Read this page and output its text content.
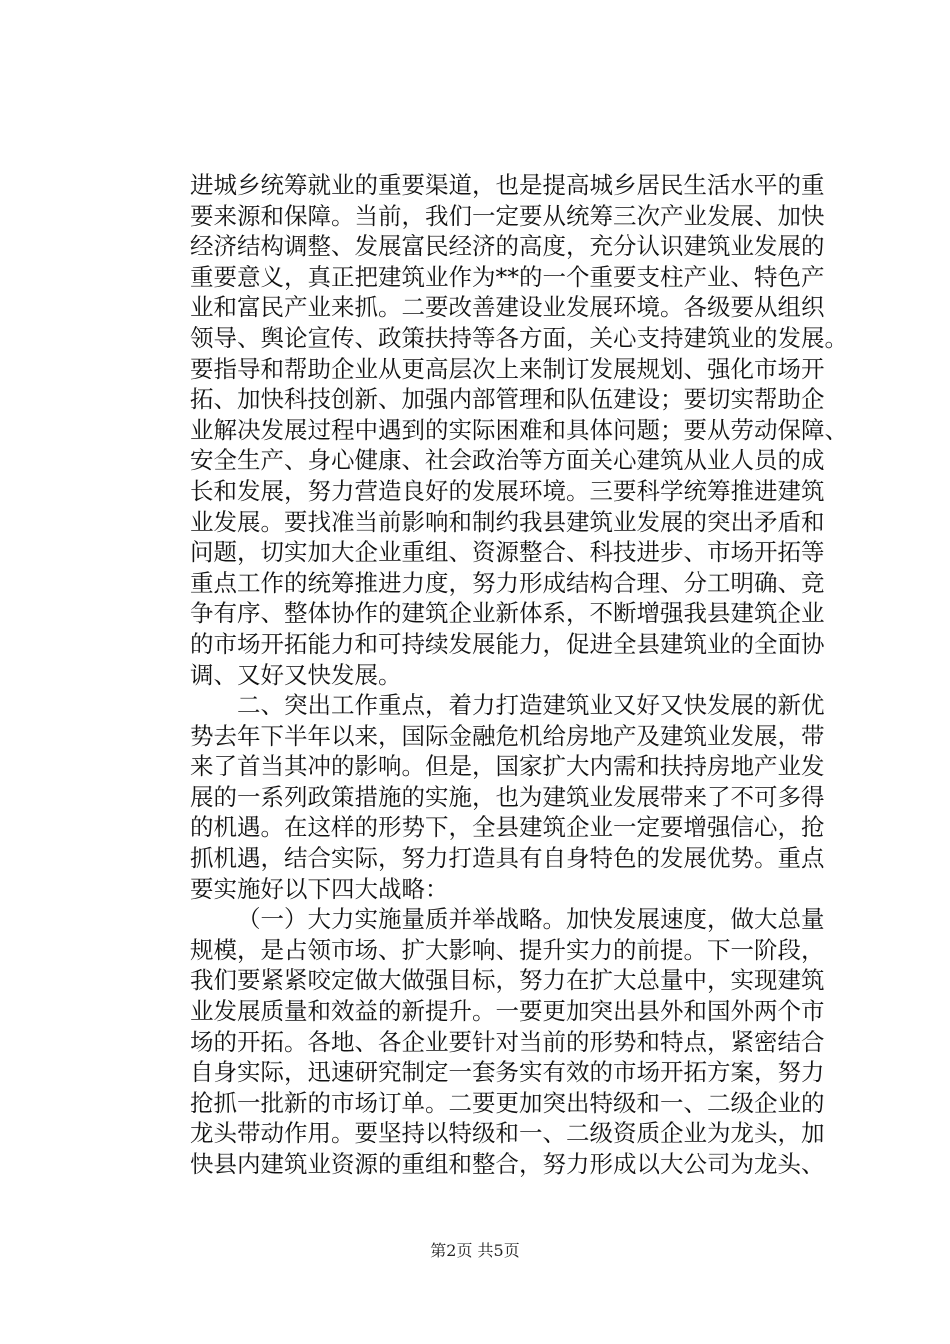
进城乡统筹就业的重要渠道，也是提高城乡居民生活水平的重
要来源和保障。当前，我们一定要从统筹三次产业发展、加快
经济结构调整、发展富民经济的高度，充分认识建筑业发展的
重要意义，真正把建筑业作为**的一个重要支柱产业、特色产
业和富民产业来抓。二要改善建设业发展环境。各级要从组织
领导、舆论宣传、政策扶持等各方面，关心支持建筑业的发展。
要指导和帮助企业从更高层次上来制订发展规划、强化市场开
拓、加快科技创新、加强内部管理和队伍建设；要切实帮助企
业解决发展过程中遇到的实际困难和具体问题；要从劳动保障、
安全生产、身心健康、社会政治等方面关心建筑从业人员的成
长和发展，努力营造良好的发展环境。三要科学统筹推进建筑
业发展。要找准当前影响和制约我县建筑业发展的突出矛盾和
问题，切实加大企业重组、资源整合、科技进步、市场开拓等
重点工作的统筹推进力度，努力形成结构合理、分工明确、竞
争有序、整体协作的建筑企业新体系，不断增强我县建筑企业
的市场开拓能力和可持续发展能力，促进全县建筑业的全面协
调、又好又快发展。
二、突出工作重点，着力打造建筑业又好又快发展的新优
势去年下半年以来，国际金融危机给房地产及建筑业发展，带
来了首当其冲的影响。但是，国家扩大内需和扶持房地产业发
展的一系列政策措施的实施，也为建筑业发展带来了不可多得
的机遇。在这样的形势下，全县建筑企业一定要增强信心，抢
抓机遇，结合实际，努力打造具有自身特色的发展优势。重点
要实施好以下四大战略：
（一）大力实施量质并举战略。加快发展速度，做大总量
规模，是占领市场、扩大影响、提升实力的前提。下一阶段，
我们要紧紧咬定做大做强目标，努力在扩大总量中，实现建筑
业发展质量和效益的新提升。一要更加突出县外和国外两个市
场的开拓。各地、各企业要针对当前的形势和特点，紧密结合
自身实际，迅速研究制定一套务实有效的市场开拓方案，努力
抢抓一批新的市场订单。二要更加突出特级和一、二级企业的
龙头带动作用。要坚持以特级和一、二级资质企业为龙头，加
快县内建筑业资源的重组和整合，努力形成以大公司为龙头、
第2页 共5页
